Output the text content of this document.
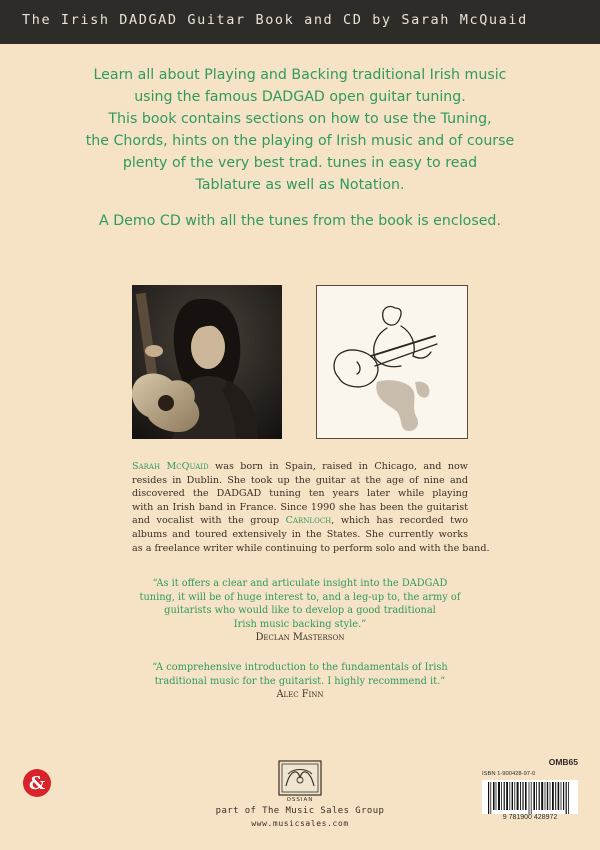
The Irish DADGAD Guitar Book and CD by Sarah McQuaid
Learn all about Playing and Backing traditional Irish music
using the famous DADGAD open guitar tuning.
This book contains sections on how to use the Tuning,
the Chords, hints on the playing of Irish music and of course
plenty of the very best trad. tunes in easy to read
Tablature as well as Notation.
A Demo CD with all the tunes from the book is enclosed.
Sarah McQuaid was born in Spain, raised in Chicago, and now
resides in Dublin. She took up the guitar at the age of nine and
discovered the DADGAD tuning ten years later while playing
with an Irish band in France. Since 1990 she has been the guitarist
and vocalist with the group Carnloch, which has recorded two
albums and toured extensively in the States. She currently works
as a freelance writer while continuing to perform solo and with the band.
“As it offers a clear and articulate insight into the DADGAD
tuning, it will be of huge interest to, and a leg-up to, the army of
guitarists who would like to develop a good traditional
Irish music backing style.”
Declan Masterson
“A comprehensive introduction to the fundamentals of Irish
traditional music for the guitarist. I highly recommend it.”
Alec Finn
&
OSSIAN
part of The Music Sales Group
www.musicsales.com
OMB65
ISBN 1-900428-97-0
9 781900 428972
